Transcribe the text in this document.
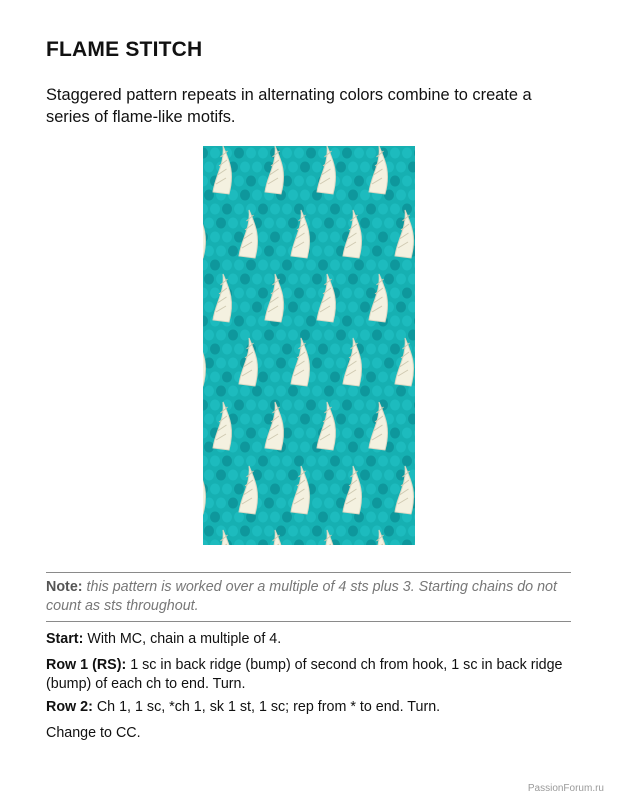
FLAME STITCH
Staggered pattern repeats in alternating colors combine to create a series of flame-like motifs.
Note: this pattern is worked over a multiple of 4 sts plus 3. Starting chains do not count as sts throughout.
Start: With MC, chain a multiple of 4.
Row 1 (RS): 1 sc in back ridge (bump) of second ch from hook, 1 sc in back ridge (bump) of each ch to end. Turn.
Row 2: Ch 1, 1 sc, *ch 1, sk 1 st, 1 sc; rep from * to end. Turn.
Change to CC.
PassionForum.ru
